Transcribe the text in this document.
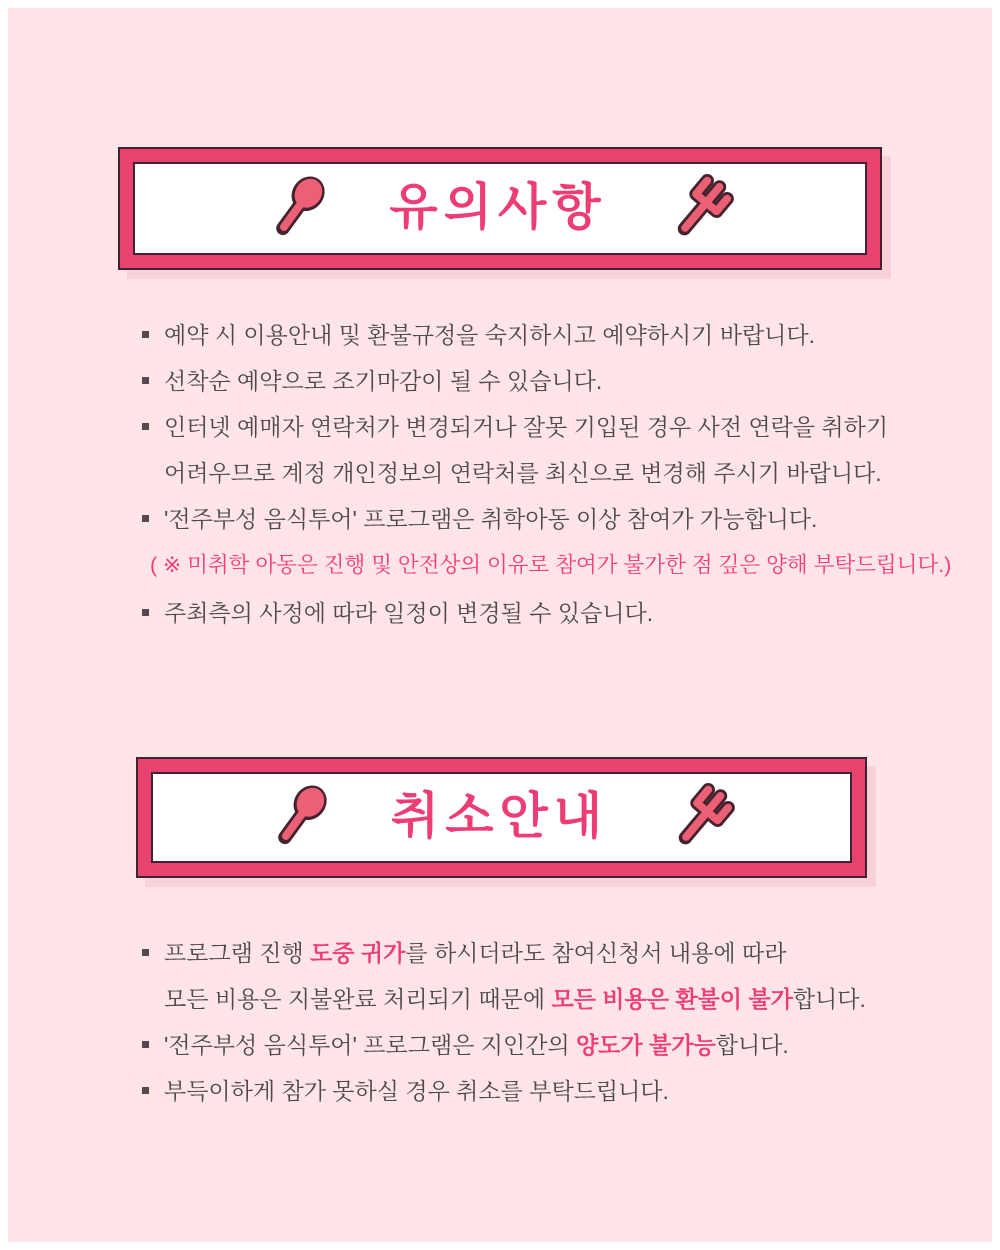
유의사항
예약 시 이용안내 및 환불규정을 숙지하시고 예약하시기 바랍니다.
선착순 예약으로 조기마감이 될 수 있습니다.
인터넷 예매자 연락처가 변경되거나 잘못 기입된 경우 사전 연락을 취하기
어려우므로 계정 개인정보의 연락처를 최신으로 변경해 주시기 바랍니다.
'전주부성 음식투어' 프로그램은 취학아동 이상 참여가 가능합니다.
( ※ 미취학 아동은 진행 및 안전상의 이유로 참여가 불가한 점 깊은 양해 부탁드립니다.)
주최측의 사정에 따라 일정이 변경될 수 있습니다.
취소안내
프로그램 진행 도중 귀가를 하시더라도 참여신청서 내용에 따라
모든 비용은 지불완료 처리되기 때문에 모든 비용은 환불이 불가합니다.
'전주부성 음식투어' 프로그램은 지인간의 양도가 불가능합니다.
부득이하게 참가 못하실 경우 취소를 부탁드립니다.
